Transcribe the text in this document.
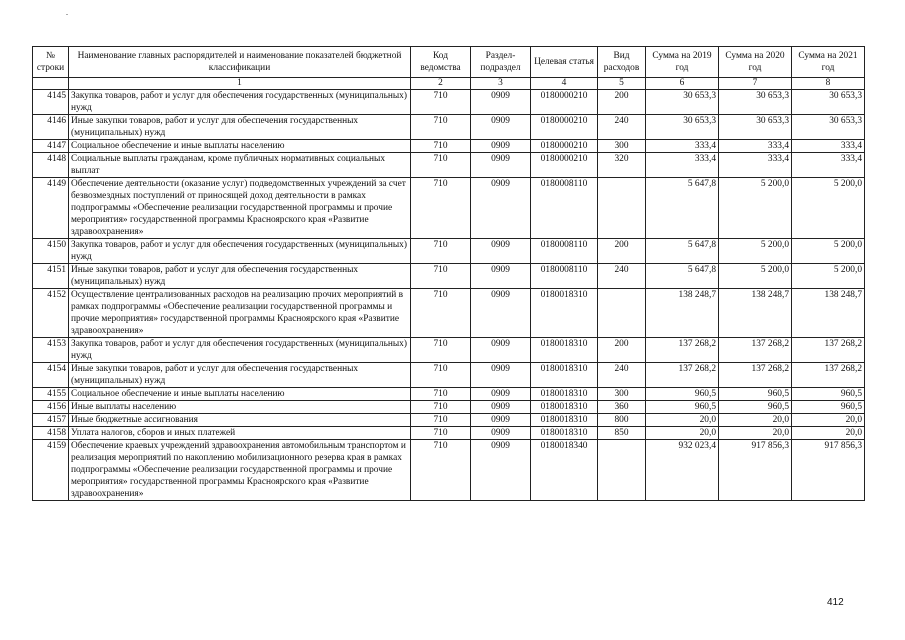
№ строки	Наименование главных распорядителей и наименование показателей бюджетной классификации	Код ведомства	Раздел-подраздел	Целевая статья	Вид расходов	Сумма на 2019 год	Сумма на 2020 год	Сумма на 2021 год
	1	2	3	4	5	6	7	8
4145	Закупка товаров, работ и услуг для обеспечения государственных (муниципальных) нужд	710	0909	0180000210	200	30 653,3	30 653,3	30 653,3
4146	Иные закупки товаров, работ и услуг для обеспечения государственных (муниципальных) нужд	710	0909	0180000210	240	30 653,3	30 653,3	30 653,3
4147	Социальное обеспечение и иные выплаты населению	710	0909	0180000210	300	333,4	333,4	333,4
4148	Социальные выплаты гражданам, кроме публичных нормативных социальных выплат	710	0909	0180000210	320	333,4	333,4	333,4
4149	Обеспечение деятельности (оказание услуг) подведомственных учреждений за счет безвозмездных поступлений от приносящей доход деятельности в рамках подпрограммы «Обеспечение реализации государственной программы и прочие мероприятия» государственной программы Красноярского края «Развитие здравоохранения»	710	0909	0180008110		5 647,8	5 200,0	5 200,0
4150	Закупка товаров, работ и услуг для обеспечения государственных (муниципальных) нужд	710	0909	0180008110	200	5 647,8	5 200,0	5 200,0
4151	Иные закупки товаров, работ и услуг для обеспечения государственных (муниципальных) нужд	710	0909	0180008110	240	5 647,8	5 200,0	5 200,0
4152	Осуществление централизованных расходов на реализацию прочих мероприятий в рамках подпрограммы «Обеспечение реализации государственной программы и прочие мероприятия» государственной программы Красноярского края «Развитие здравоохранения»	710	0909	0180018310		138 248,7	138 248,7	138 248,7
4153	Закупка товаров, работ и услуг для обеспечения государственных (муниципальных) нужд	710	0909	0180018310	200	137 268,2	137 268,2	137 268,2
4154	Иные закупки товаров, работ и услуг для обеспечения государственных (муниципальных) нужд	710	0909	0180018310	240	137 268,2	137 268,2	137 268,2
4155	Социальное обеспечение и иные выплаты населению	710	0909	0180018310	300	960,5	960,5	960,5
4156	Иные выплаты населению	710	0909	0180018310	360	960,5	960,5	960,5
4157	Иные бюджетные ассигнования	710	0909	0180018310	800	20,0	20,0	20,0
4158	Уплата налогов, сборов и иных платежей	710	0909	0180018310	850	20,0	20,0	20,0
4159	Обеспечение краевых учреждений здравоохранения автомобильным транспортом и реализация мероприятий по накоплению мобилизационного резерва края в рамках подпрограммы «Обеспечение реализации государственной программы и прочие мероприятия» государственной программы Красноярского края «Развитие здравоохранения»	710	0909	0180018340		932 023,4	917 856,3	917 856,3
412
